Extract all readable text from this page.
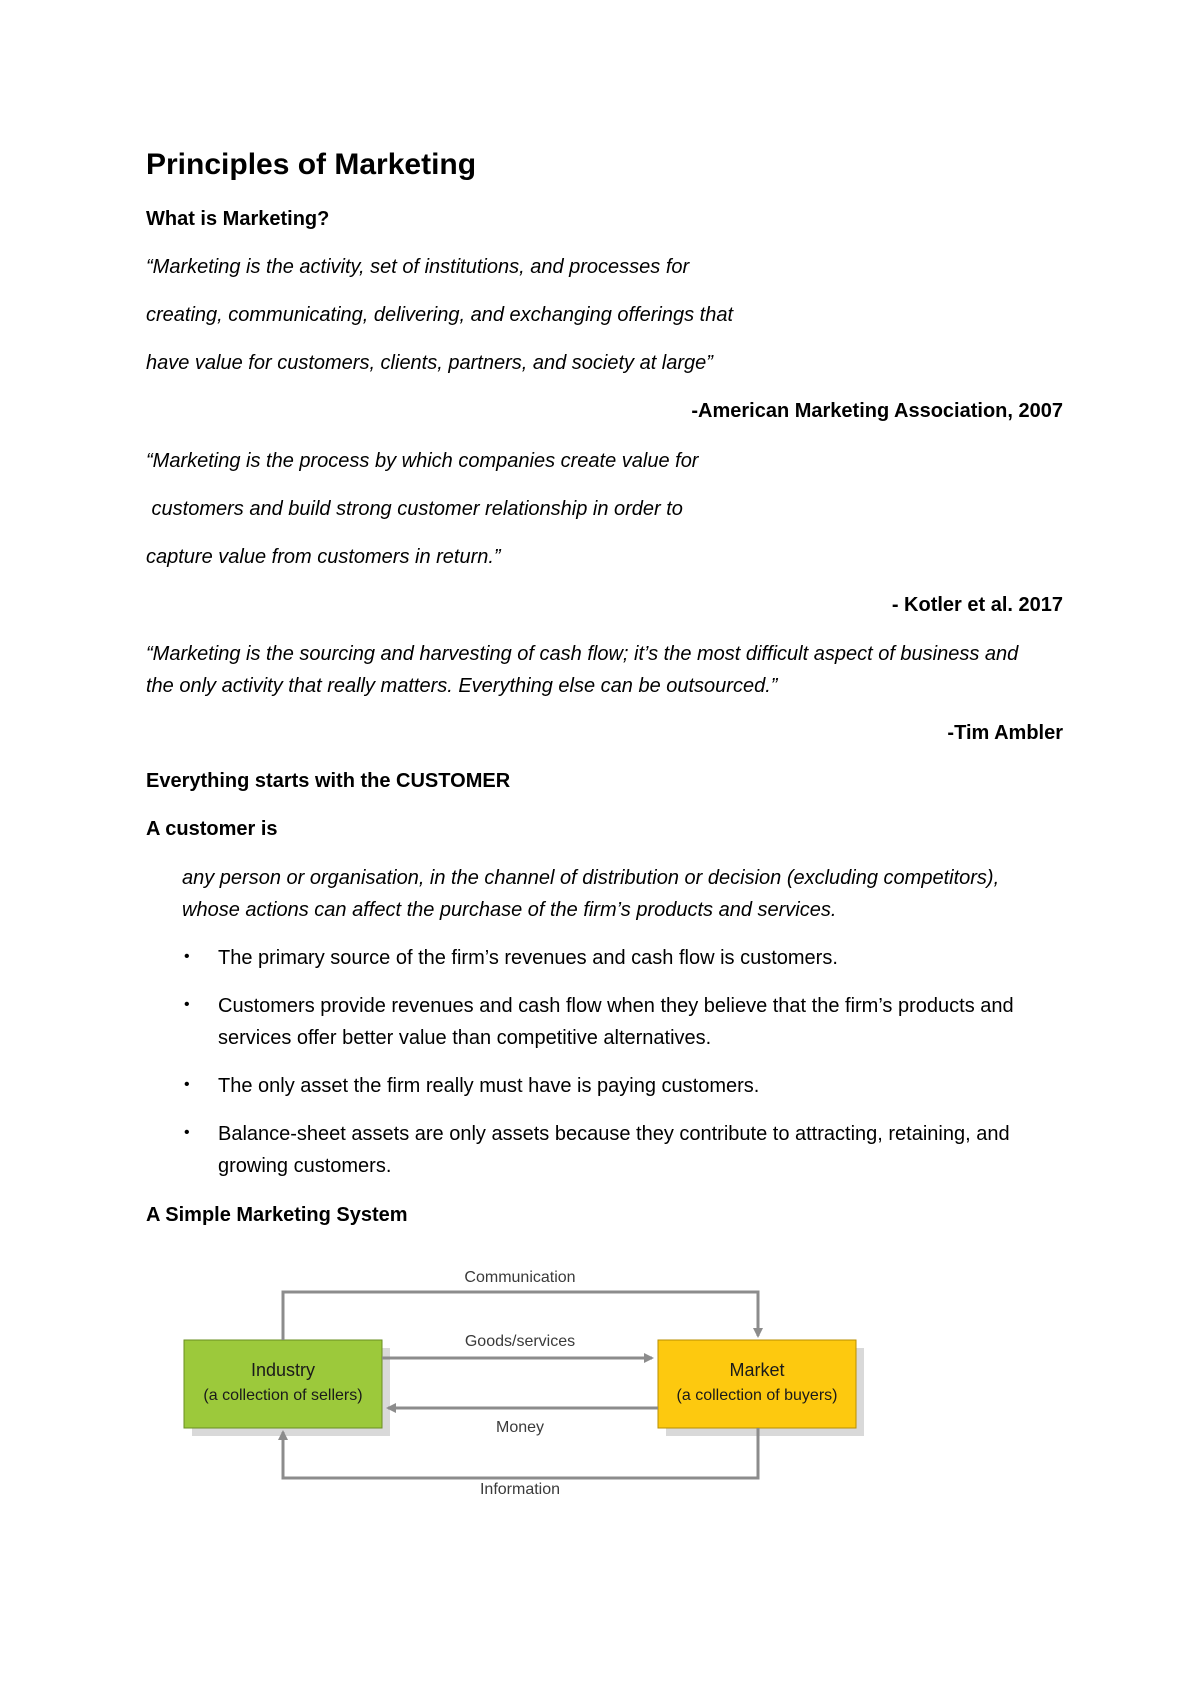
Principles of Marketing
What is Marketing?
“Marketing is the activity, set of institutions, and processes for
creating, communicating, delivering, and exchanging offerings that
have value for customers, clients, partners, and society at large”
-American Marketing Association, 2007
“Marketing is the process by which companies create value for
customers and build strong customer relationship in order to
capture value from customers in return.”
- Kotler et al. 2017
“Marketing is the sourcing and harvesting of cash flow; it’s the most difficult aspect of business and the only activity that really matters. Everything else can be outsourced.”
-Tim Ambler
Everything starts with the CUSTOMER
A customer is
any person or organisation, in the channel of distribution or decision (excluding competitors), whose actions can affect the purchase of the firm’s products and services.
• The primary source of the firm’s revenues and cash flow is customers.
• Customers provide revenues and cash flow when they believe that the firm’s products and services offer better value than competitive alternatives.
• The only asset the firm really must have is paying customers.
• Balance-sheet assets are only assets because they contribute to attracting, retaining, and growing customers.
A Simple Marketing System
Industry
(a collection of sellers)
Market
(a collection of buyers)
Communication
Goods/services
Money
Information
